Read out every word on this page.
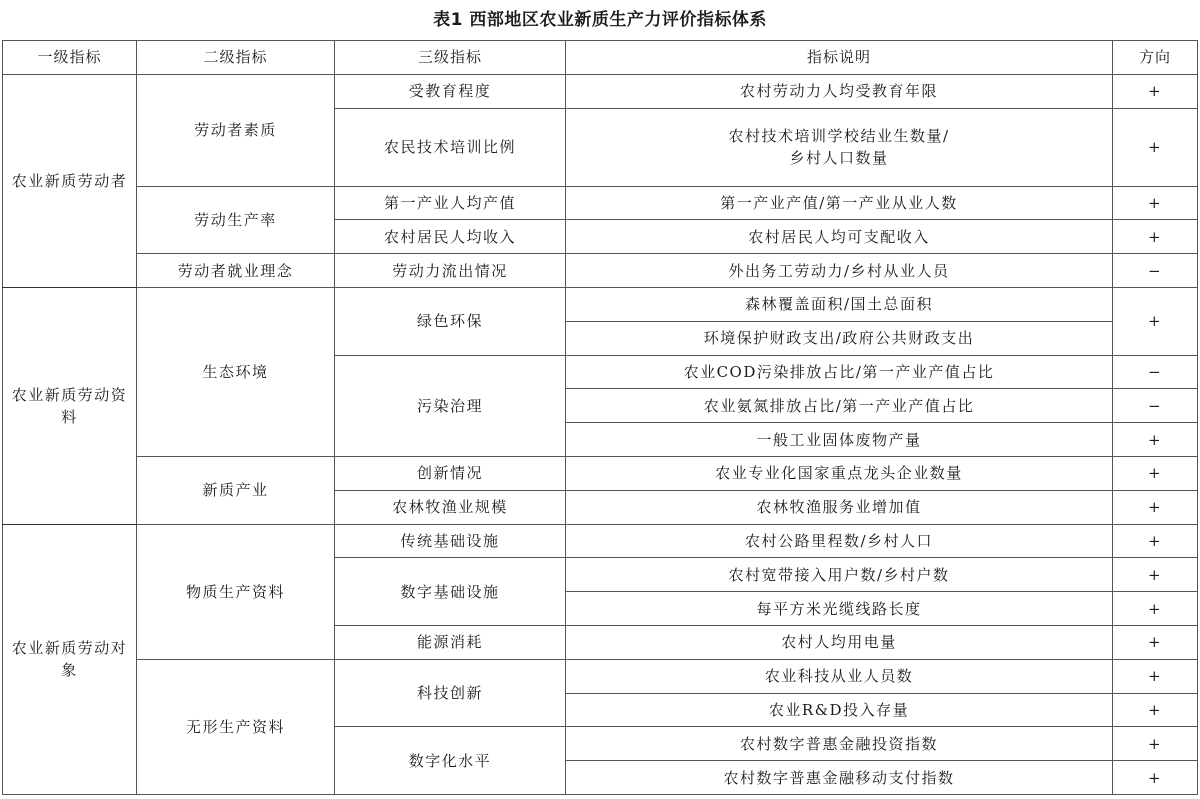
表1 西部地区农业新质生产力评价指标体系
一级指标	二级指标	三级指标	指标说明	方向
农业新质劳动者	劳动者素质	受教育程度	农村劳动力人均受教育年限	+
		农民技术培训比例	农村技术培训学校结业生数量/
乡村人口数量	+
	劳动生产率	第一产业人均产值	第一产业产值/第一产业从业人数	+
		农村居民人均收入	农村居民人均可支配收入	+
	劳动者就业理念	劳动力流出情况	外出务工劳动力/乡村从业人员	−
农业新质劳动资料	生态环境	绿色环保	森林覆盖面积/国土总面积	+
			环境保护财政支出/政府公共财政支出	
		污染治理	农业COD污染排放占比/第一产业产值占比	−
			农业氨氮排放占比/第一产业产值占比	−
			一般工业固体废物产量	+
	新质产业	创新情况	农业专业化国家重点龙头企业数量	+
		农林牧渔业规模	农林牧渔服务业增加值	+
农业新质劳动对象	物质生产资料	传统基础设施	农村公路里程数/乡村人口	+
		数字基础设施	农村宽带接入用户数/乡村户数	+
			每平方米光缆线路长度	+
		能源消耗	农村人均用电量	+
	无形生产资料	科技创新	农业科技从业人员数	+
			农业R&D投入存量	+
		数字化水平	农村数字普惠金融投资指数	+
			农村数字普惠金融移动支付指数	+
